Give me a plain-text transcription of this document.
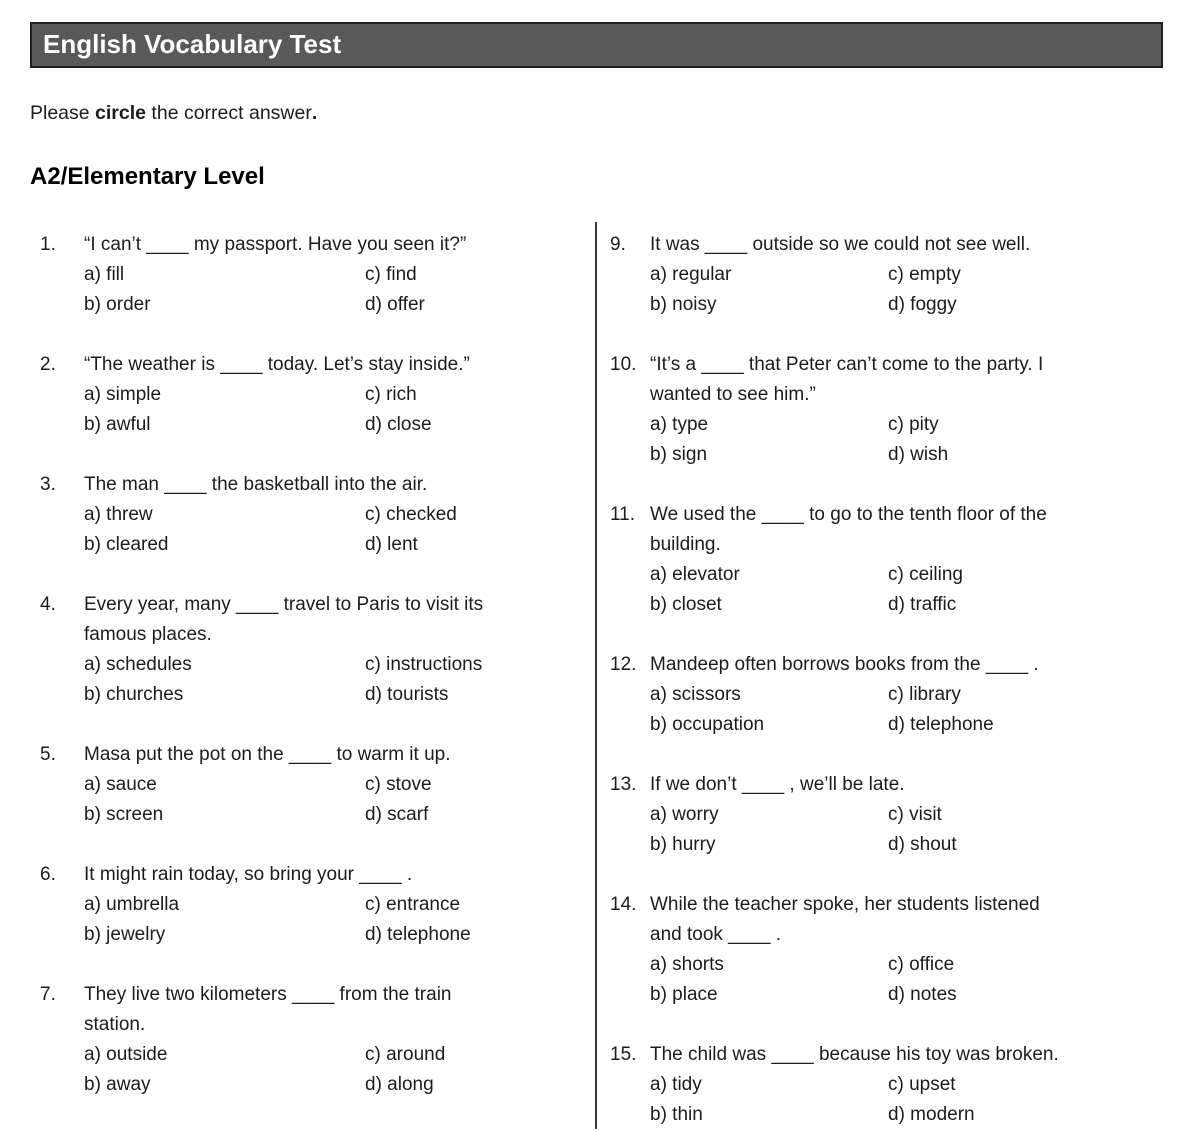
English Vocabulary Test

Please circle the correct answer.

A2/Elementary Level
1.	“I can’t ____ my passport. Have you seen it?”
a) fill
b) order
c) find
d) offer
2.	“The weather is ____ today. Let’s stay inside.”
a) simple
b) awful
c) rich
d) close
3.	The man ____ the basketball into the air.
a) threw
b) cleared
c) checked
d) lent
4.	Every year, many ____ travel to Paris to visit its
famous places.
a) schedules
b) churches
c) instructions
d) tourists
5.	Masa put the pot on the ____ to warm it up.
a) sauce
b) screen
c) stove
d) scarf
6.	It might rain today, so bring your ____ .
a) umbrella
b) jewelry
c) entrance
d) telephone
7.	They live two kilometers ____ from the train
station.
a) outside
b) away
c) around
d) along
9.	It was ____ outside so we could not see well.
a) regular
b) noisy
c) empty
d) foggy
10. “It’s a ____ that Peter can’t come to the party. I
wanted to see him.”
a) type
b) sign
c) pity
d) wish
11. We used the ____ to go to the tenth floor of the
building.
a) elevator
b) closet
c) ceiling
d) traffic
12. Mandeep often borrows books from the ____ .
a) scissors
b) occupation
c) library
d) telephone
13. If we don’t ____ , we’ll be late.
a) worry
b) hurry
c) visit
d) shout
14. While the teacher spoke, her students listened
and took ____ .
a) shorts
b) place
c) office
d) notes
15. The child was ____ because his toy was broken.
a) tidy
b) thin
c) upset
d) modern
